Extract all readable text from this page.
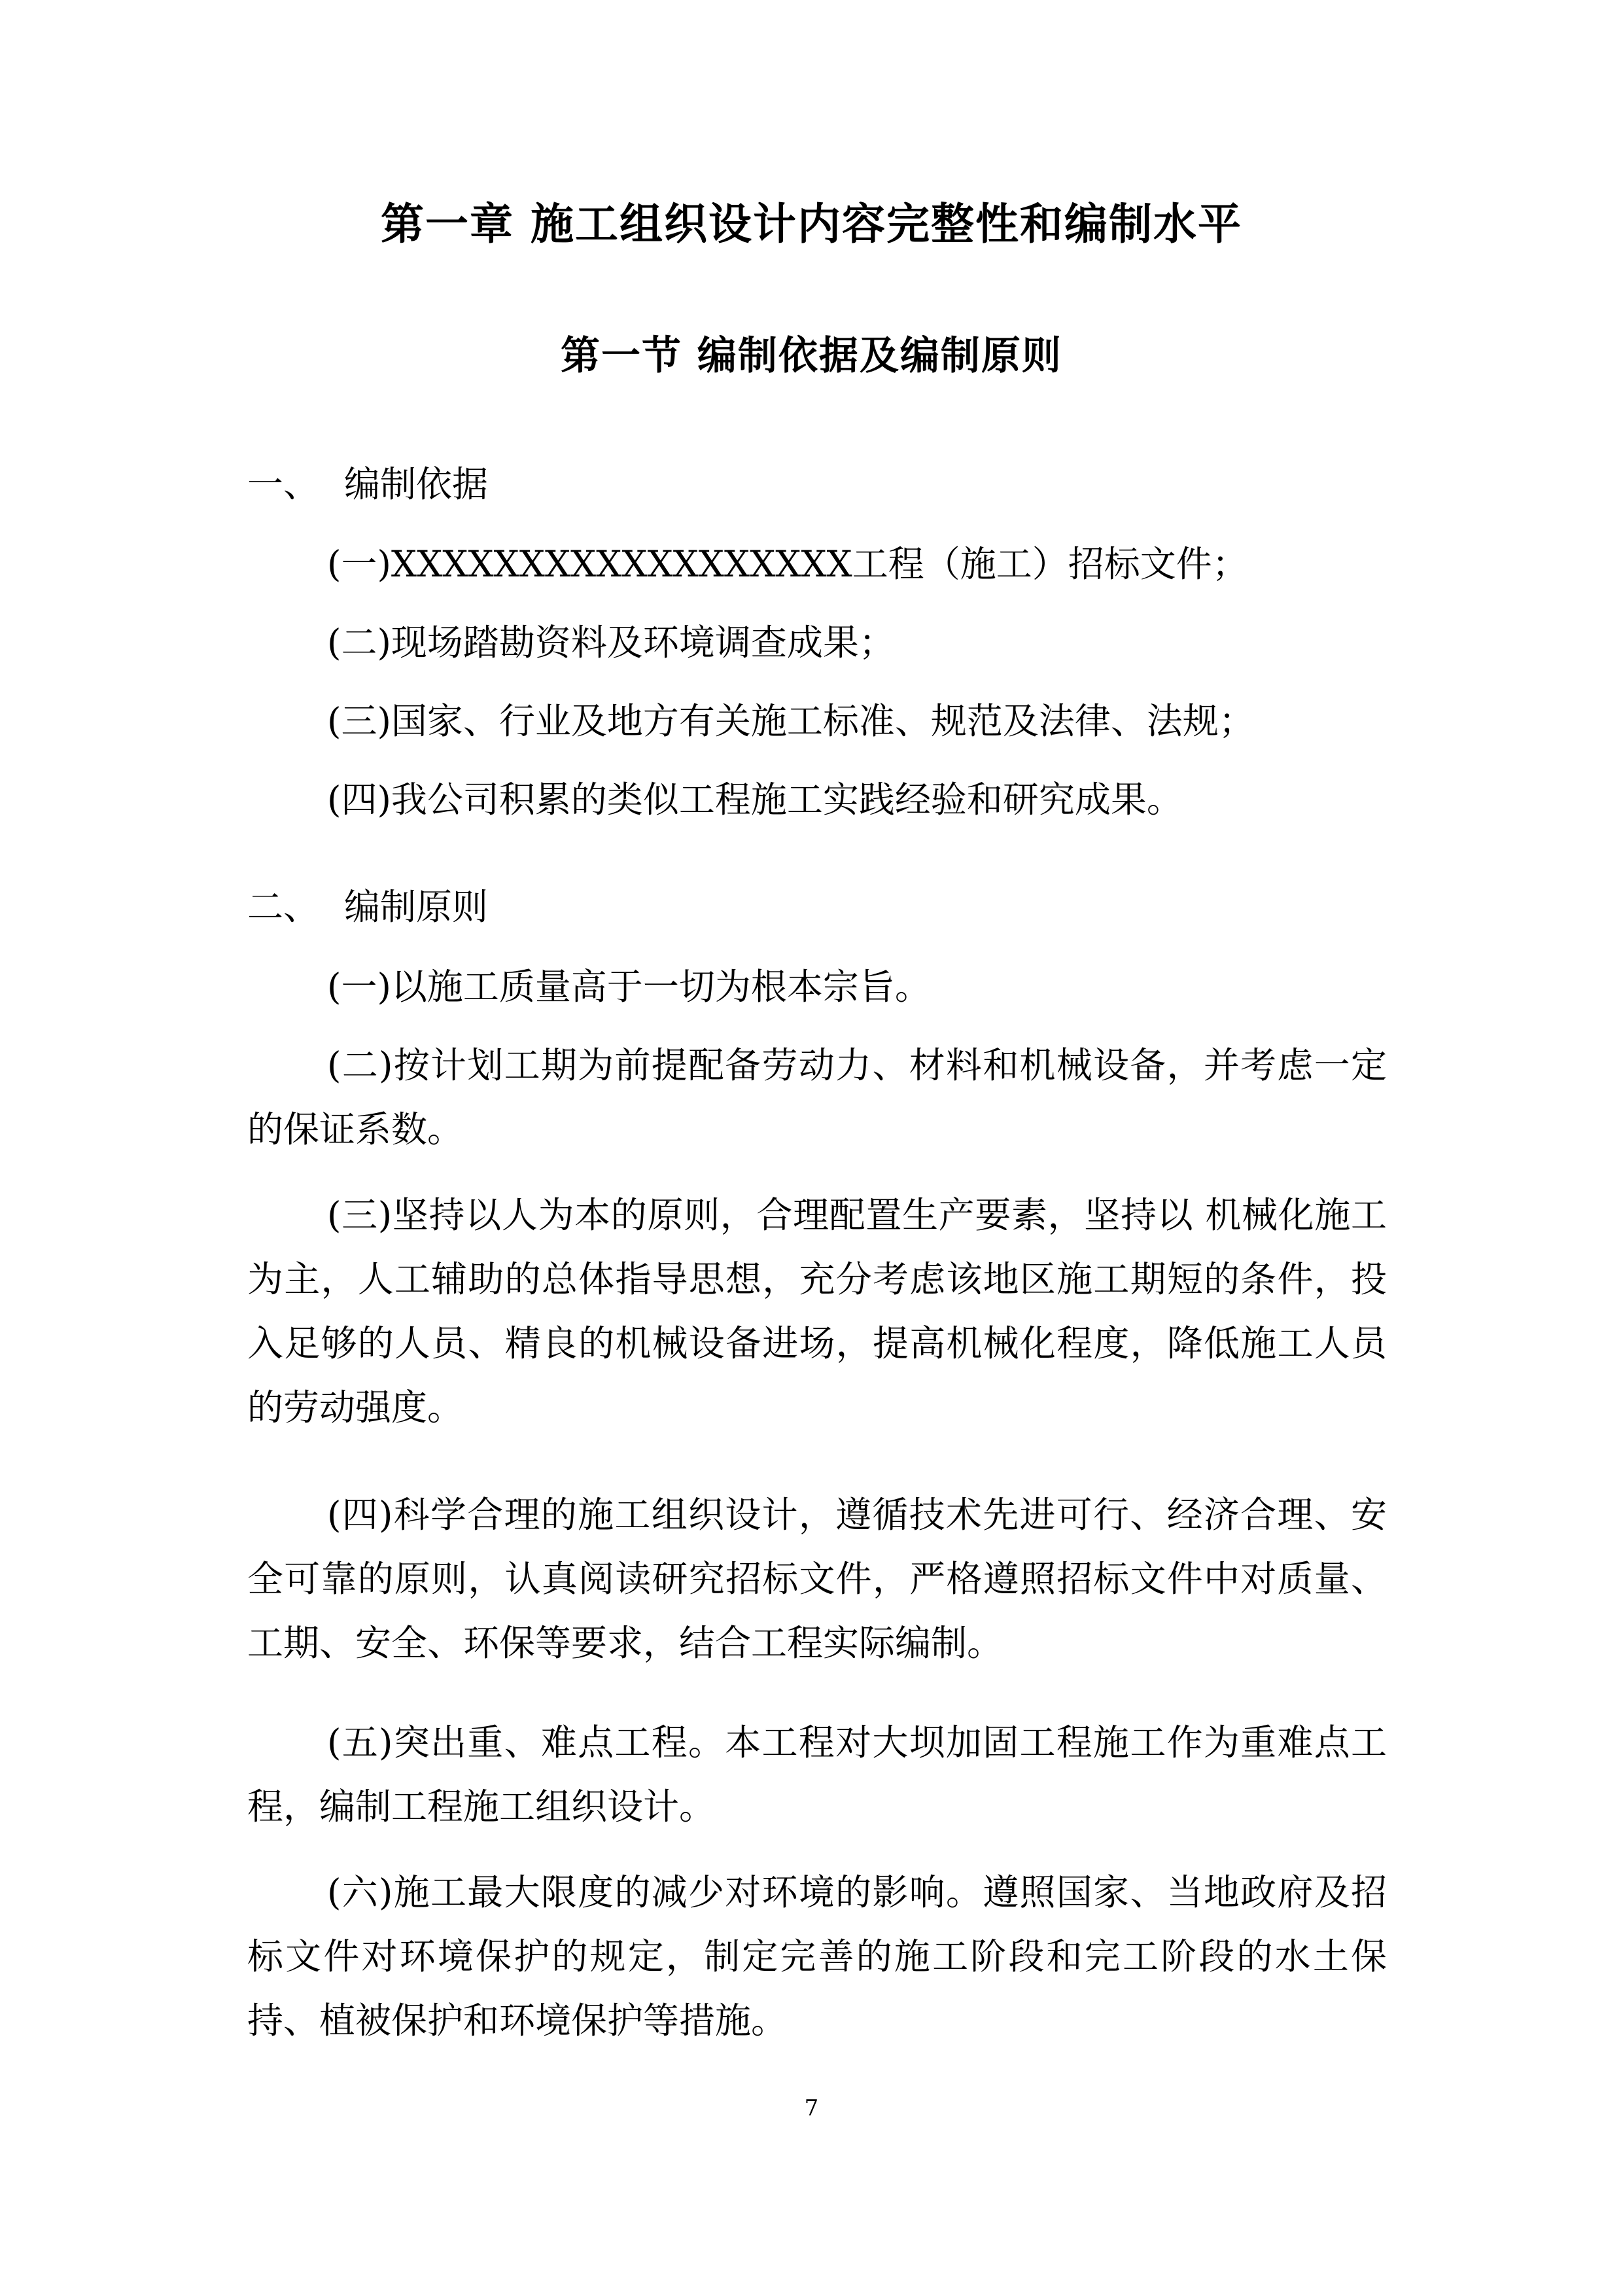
第一章 施工组织设计内容完整性和编制水平
第一节 编制依据及编制原则

一、 编制依据

(一)XXXXXXXXXXXXXXXXXX工程（施工）招标文件；

(二)现场踏勘资料及环境调查成果；

(三)国家、行业及地方有关施工标准、规范及法律、法规；

(四)我公司积累的类似工程施工实践经验和研究成果。

二、 编制原则

(一)以施工质量高于一切为根本宗旨。

(二)按计划工期为前提配备劳动力、材料和机械设备，并考虑一定的保证系数。

(三)坚持以人为本的原则，合理配置生产要素，坚持以 机械化施工为主，人工辅助的总体指导思想，充分考虑该地区施工期短的条件，投入足够的人员、精良的机械设备进场，提高机械化程度，降低施工人员的劳动强度。

(四)科学合理的施工组织设计，遵循技术先进可行、经济合理、安全可靠的原则，认真阅读研究招标文件，严格遵照招标文件中对质量、工期、安全、环保等要求，结合工程实际编制。

(五)突出重、难点工程。本工程对大坝加固工程施工作为重难点工程，编制工程施工组织设计。

(六)施工最大限度的减少对环境的影响。遵照国家、当地政府及招标文件对环境保护的规定，制定完善的施工阶段和完工阶段的水土保持、植被保护和环境保护等措施。

7
